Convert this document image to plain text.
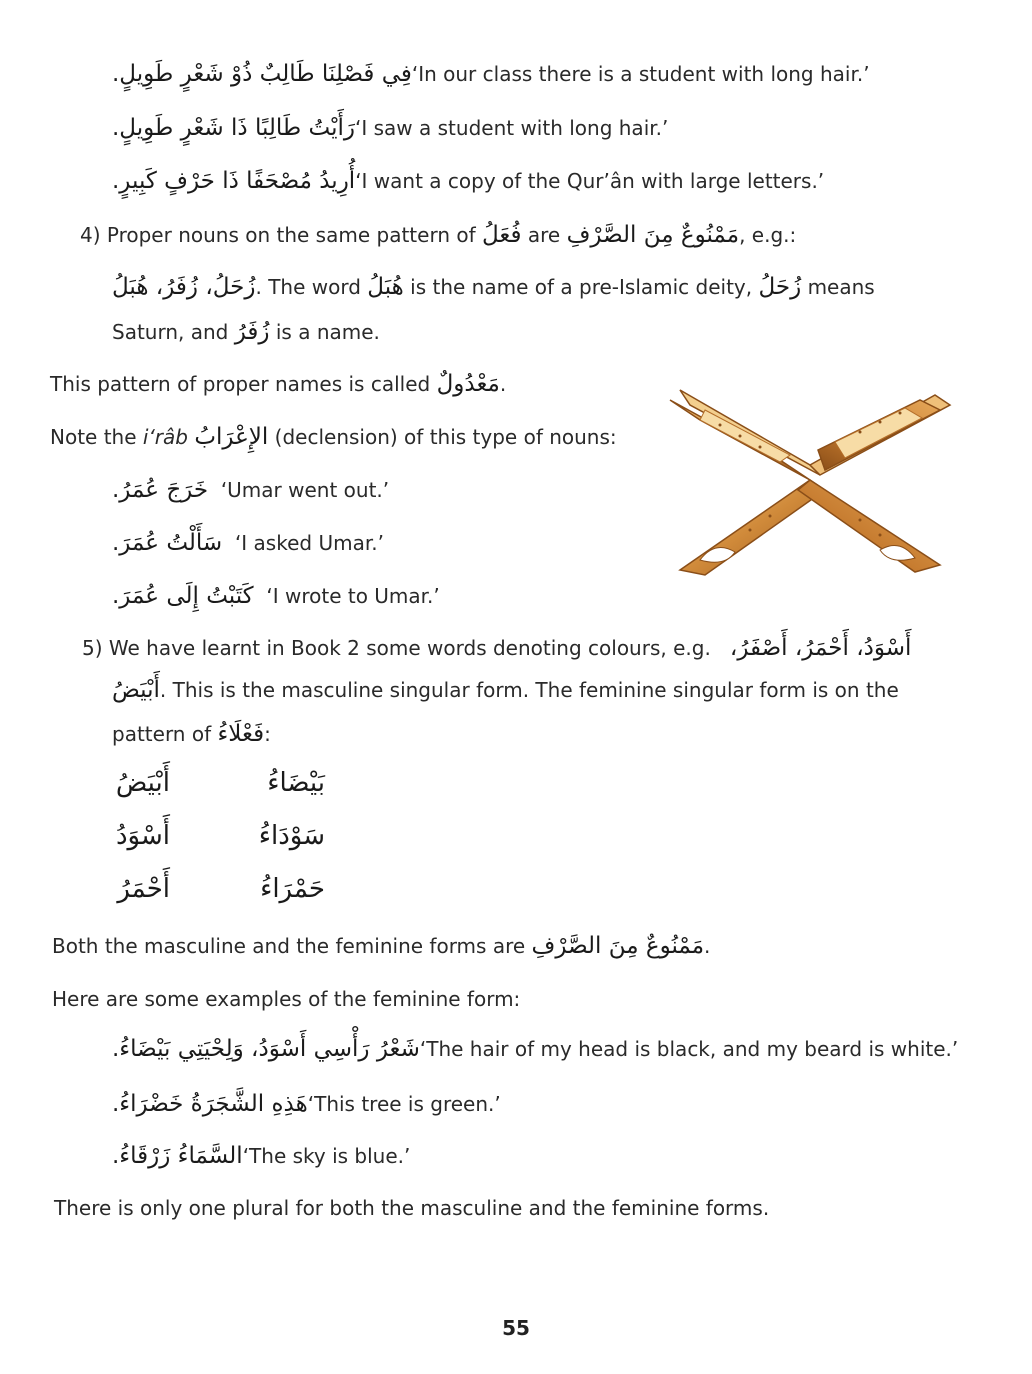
فِي فَصْلِنَا طَالِبٌ ذُوْ شَعْرٍ طَوِيلٍ.‘In our class there is a student with long hair.’
رَأَيْتُ طَالِبًا ذَا شَعْرٍ طَوِيلٍ.‘I saw a student with long hair.’
أُرِيدُ مُصْحَفًا ذَا حَرْفٍ كَبِيرٍ.‘I want a copy of the Qur’ân with large letters.’
4) Proper nouns on the same pattern of فُعَلُ are مَمْنُوعٌ مِنَ الصَّرْفِ, e.g.:
زُحَلُ، زُفَرُ، هُبَلُ. The word هُبَلُ is the name of a pre-Islamic deity, زُحَلُ means
Saturn, and زُفَرُ is a name.
This pattern of proper names is called مَعْدُولٌ.
Note the i‘râb الإِعْرَابُ (declension) of this type of nouns:
خَرَجَ عُمَرُ. ‘Umar went out.’
سَأَلْتُ عُمَرَ. ‘I asked Umar.’
كَتَبْتُ إِلَى عُمَرَ. ‘I wrote to Umar.’
5) We have learnt in Book 2 some words denoting colours, e.g. أَسْوَدُ، أَحْمَرُ، أَصْفَرُ،
أَبْيَضُ. This is the masculine singular form. The feminine singular form is on the
pattern of فَعْلَاءُ:
أَبْيَضُ	بَيْضَاءُ
أَسْوَدُ	سَوْدَاءُ
أَحْمَرُ	حَمْرَاءُ
Both the masculine and the feminine forms are مَمْنُوعٌ مِنَ الصَّرْفِ.
Here are some examples of the feminine form:
شَعْرُ رَأْسِي أَسْوَدُ، وَلِحْيَتِي بَيْضَاءُ.‘The hair of my head is black, and my beard is white.’
هَذِهِ الشَّجَرَةُ خَضْرَاءُ.‘This tree is green.’
السَّمَاءُ زَرْقَاءُ.‘The sky is blue.’
There is only one plural for both the masculine and the feminine forms.
55
